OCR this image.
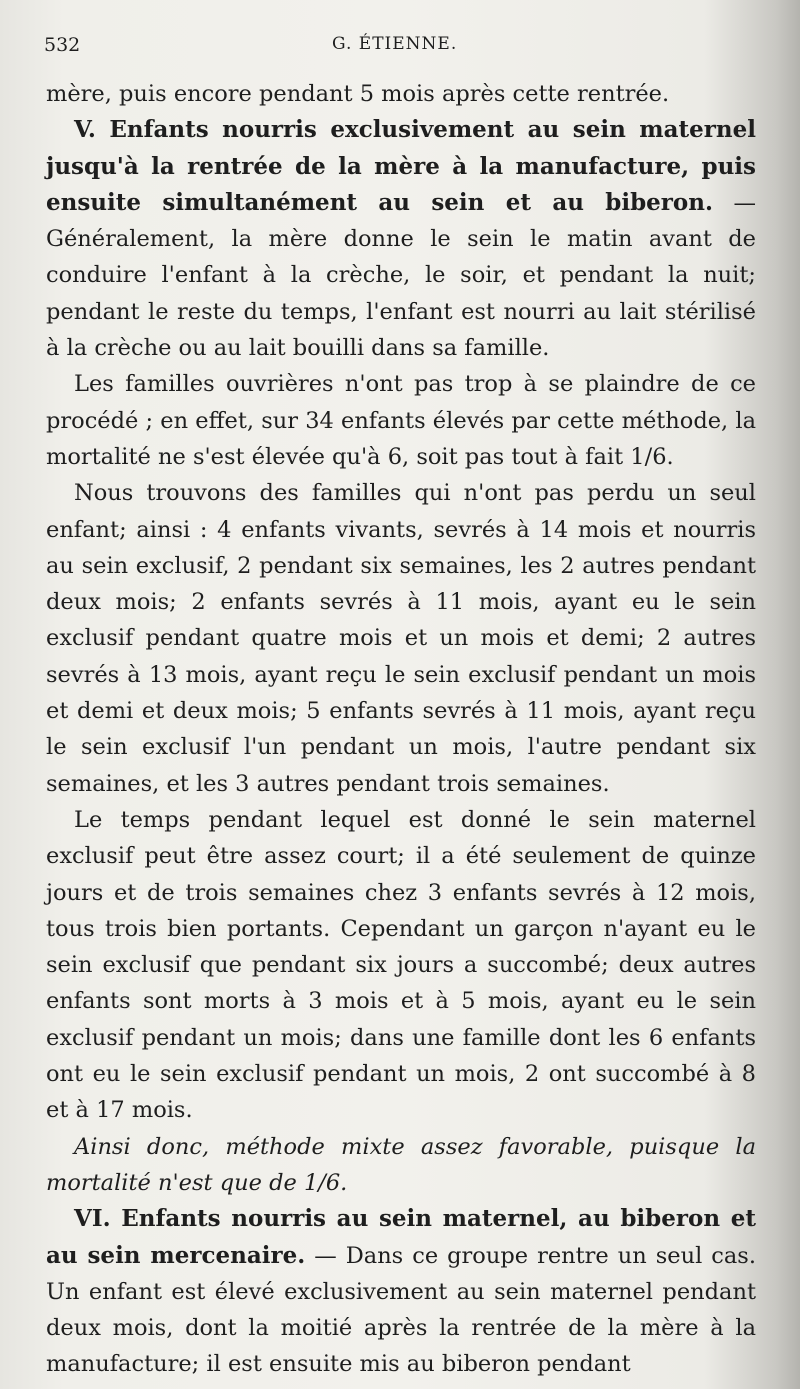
532	G. ÉTIENNE.

mère, puis encore pendant 5 mois après cette rentrée.

V. Enfants nourris exclusivement au sein maternel jusqu'à la rentrée de la mère à la manufacture, puis ensuite simultanément au sein et au biberon. — Généralement, la mère donne le sein le matin avant de conduire l'enfant à la crèche, le soir, et pendant la nuit; pendant le reste du temps, l'enfant est nourri au lait stérilisé à la crèche ou au lait bouilli dans sa famille.

Les familles ouvrières n'ont pas trop à se plaindre de ce procédé ; en effet, sur 34 enfants élevés par cette méthode, la mortalité ne s'est élevée qu'à 6, soit pas tout à fait 1/6.

Nous trouvons des familles qui n'ont pas perdu un seul enfant; ainsi : 4 enfants vivants, sevrés à 14 mois et nourris au sein exclusif, 2 pendant six semaines, les 2 autres pendant deux mois; 2 enfants sevrés à 11 mois, ayant eu le sein exclusif pendant quatre mois et un mois et demi; 2 autres sevrés à 13 mois, ayant reçu le sein exclusif pendant un mois et demi et deux mois; 5 enfants sevrés à 11 mois, ayant reçu le sein exclusif l'un pendant un mois, l'autre pendant six semaines, et les 3 autres pendant trois semaines.

Le temps pendant lequel est donné le sein maternel exclusif peut être assez court; il a été seulement de quinze jours et de trois semaines chez 3 enfants sevrés à 12 mois, tous trois bien portants. Cependant un garçon n'ayant eu le sein exclusif que pendant six jours a succombé; deux autres enfants sont morts à 3 mois et à 5 mois, ayant eu le sein exclusif pendant un mois; dans une famille dont les 6 enfants ont eu le sein exclusif pendant un mois, 2 ont succombé à 8 et à 17 mois.

Ainsi donc, méthode mixte assez favorable, puisque la mortalité n'est que de 1/6.

VI. Enfants nourris au sein maternel, au biberon et au sein mercenaire. — Dans ce groupe rentre un seul cas. Un enfant est élevé exclusivement au sein maternel pendant deux mois, dont la moitié après la rentrée de la mère à la manufacture; il est ensuite mis au biberon pendant
